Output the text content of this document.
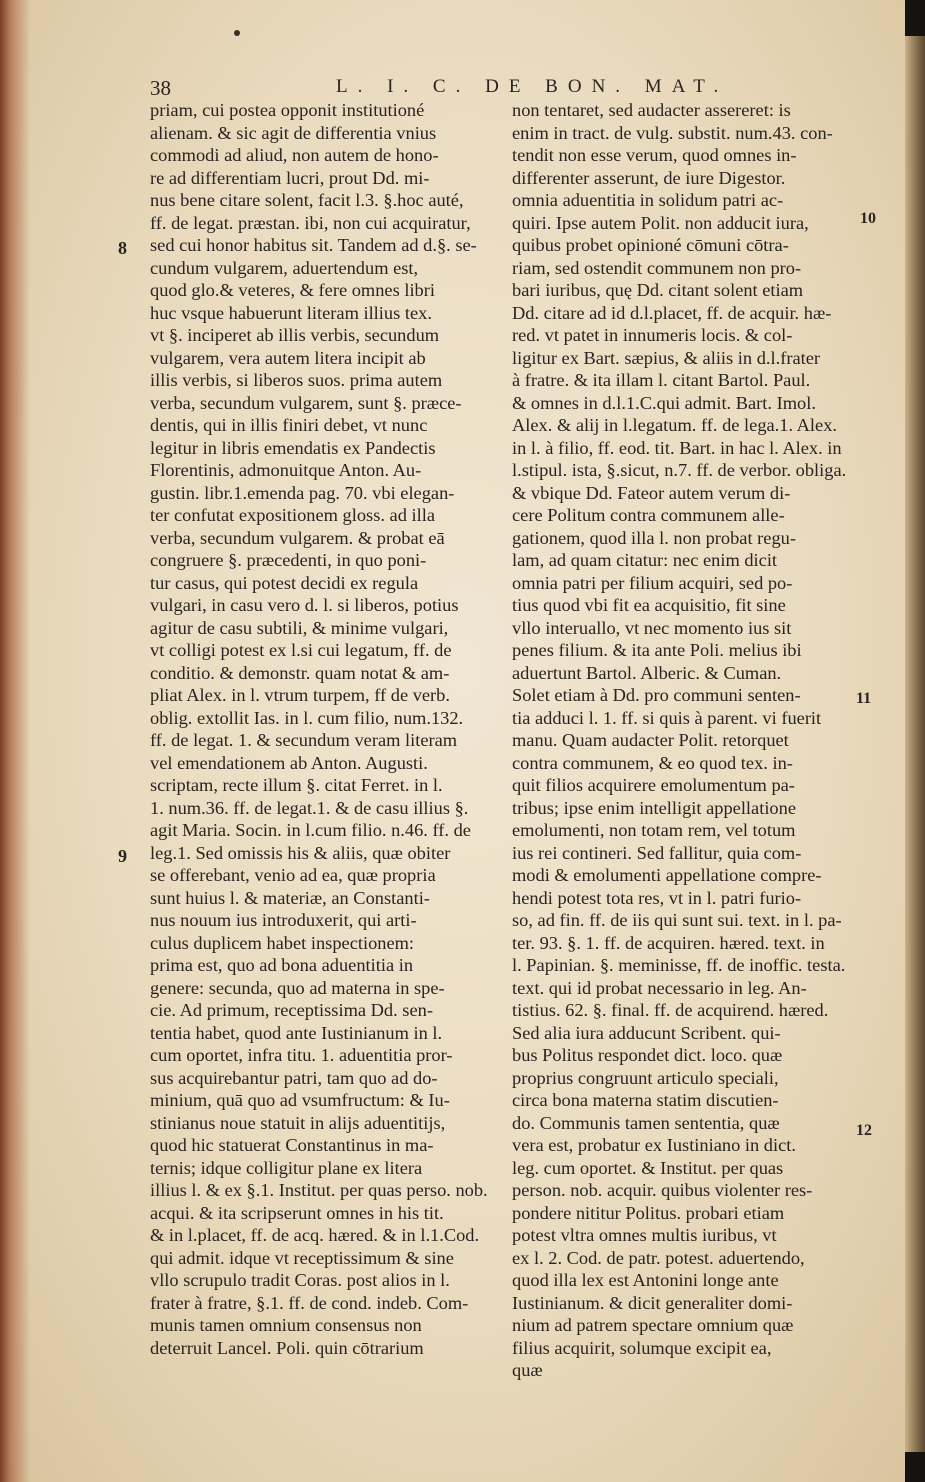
38	L. I. C. DE BON. MAT.
priam, cui postea opponit institutioné
alienam. & sic agit de differentia vnius
commodi ad aliud, non autem de hono-
re ad differentiam lucri, prout Dd. mi-
nus bene citare solent, facit l.3. §.hoc auté,
ff. de legat. præstan. ibi, non cui acquiratur,
sed cui honor habitus sit. Tandem ad d.§. se-
cundum vulgarem, aduertendum est,
quod glo.& veteres, & fere omnes libri
huc vsque habuerunt literam illius tex.
vt §. inciperet ab illis verbis, secundum
vulgarem, vera autem litera incipit ab
illis verbis, si liberos suos. prima autem
verba, secundum vulgarem, sunt §. præce-
dentis, qui in illis finiri debet, vt nunc
legitur in libris emendatis ex Pandectis
Florentinis, admonuitque Anton. Au-
gustin. libr.1.emenda pag. 70. vbi elegan-
ter confutat expositionem gloss. ad illa
verba, secundum vulgarem. & probat eā
congruere §. præcedenti, in quo poni-
tur casus, qui potest decidi ex regula
vulgari, in casu vero d. l. si liberos, potius
agitur de casu subtili, & minime vulgari,
vt colligi potest ex l.si cui legatum, ff. de
conditio. & demonstr. quam notat & am-
pliat Alex. in l. vtrum turpem, ff de verb.
oblig. extollit Ias. in l. cum filio, num.132.
ff. de legat. 1. & secundum veram literam
vel emendationem ab Anton. Augusti.
scriptam, recte illum §. citat Ferret. in l.
1. num.36. ff. de legat.1. & de casu illius §.
agit Maria. Socin. in l.cum filio. n.46. ff. de
leg.1. Sed omissis his & aliis, quæ obiter
se offerebant, venio ad ea, quæ propria
sunt huius l. & materiæ, an Constanti-
nus nouum ius introduxerit, qui arti-
culus duplicem habet inspectionem:
prima est, quo ad bona aduentitia in
genere: secunda, quo ad materna in spe-
cie. Ad primum, receptissima Dd. sen-
tentia habet, quod ante Iustinianum in l.
cum oportet, infra titu. 1. aduentitia pror-
sus acquirebantur patri, tam quo ad do-
minium, quā quo ad vsumfructum: & Iu-
stinianus noue statuit in alijs aduentitijs,
quod hic statuerat Constantinus in ma-
ternis; idque colligitur plane ex litera
illius l. & ex §.1. Institut. per quas perso. nob.
acqui. & ita scripserunt omnes in his tit.
& in l.placet, ff. de acq. hæred. & in l.1.Cod.
qui admit. idque vt receptissimum & sine
vllo scrupulo tradit Coras. post alios in l.
frater à fratre, §.1. ff. de cond. indeb. Com-
munis tamen omnium consensus non
deterruit Lancel. Poli. quin cōtrarium
non tentaret, sed audacter assereret: is
enim in tract. de vulg. substit. num.43. con-
tendit non esse verum, quod omnes in-
differenter asserunt, de iure Digestor.
omnia aduentitia in solidum patri ac-
quiri. Ipse autem Polit. non adducit iura,
quibus probet opinioné cōmuni cōtra-
riam, sed ostendit communem non pro-
bari iuribus, quę Dd. citant solent etiam
Dd. citare ad id d.l.placet, ff. de acquir. hæ-
red. vt patet in innumeris locis. & col-
ligitur ex Bart. sæpius, & aliis in d.l.frater
à fratre. & ita illam l. citant Bartol. Paul.
& omnes in d.l.1.C.qui admit. Bart. Imol.
Alex. & alij in l.legatum. ff. de lega.1. Alex.
in l. à filio, ff. eod. tit. Bart. in hac l. Alex. in
l.stipul. ista, §.sicut, n.7. ff. de verbor. obliga.
& vbique Dd. Fateor autem verum di-
cere Politum contra communem alle-
gationem, quod illa l. non probat regu-
lam, ad quam citatur: nec enim dicit
omnia patri per filium acquiri, sed po-
tius quod vbi fit ea acquisitio, fit sine
vllo interuallo, vt nec momento ius sit
penes filium. & ita ante Poli. melius ibi
aduertunt Bartol. Alberic. & Cuman.
Solet etiam à Dd. pro communi senten-
tia adduci l. 1. ff. si quis à parent. vi fuerit
manu. Quam audacter Polit. retorquet
contra communem, & eo quod tex. in-
quit filios acquirere emolumentum pa-
tribus; ipse enim intelligit appellatione
emolumenti, non totam rem, vel totum
ius rei contineri. Sed fallitur, quia com-
modi & emolumenti appellatione compre-
hendi potest tota res, vt in l. patri furio-
so, ad fin. ff. de iis qui sunt sui. text. in l. pa-
ter. 93. §. 1. ff. de acquiren. hæred. text. in
l. Papinian. §. meminisse, ff. de inoffic. testa.
text. qui id probat necessario in leg. An-
tistius. 62. §. final. ff. de acquirend. hæred.
Sed alia iura adducunt Scribent. qui-
bus Politus respondet dict. loco. quæ
proprius congruunt articulo speciali,
circa bona materna statim discutien-
do. Communis tamen sententia, quæ
vera est, probatur ex Iustiniano in dict.
leg. cum oportet. & Institut. per quas
person. nob. acquir. quibus violenter res-
pondere nititur Politus. probari etiam
potest vltra omnes multis iuribus, vt
ex l. 2. Cod. de patr. potest. aduertendo,
quod illa lex est Antonini longe ante
Iustinianum. & dicit generaliter domi-
nium ad patrem spectare omnium quæ
filius acquirit, solumque excipit ea,
quæ
8
9
10
11
12
